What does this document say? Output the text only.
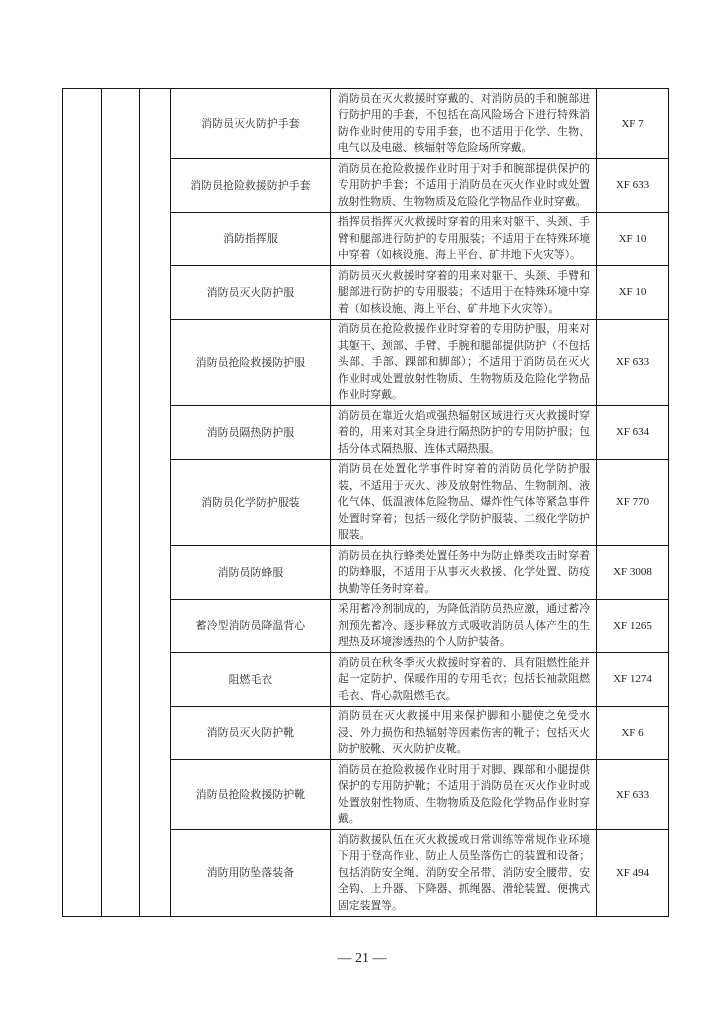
消防员灭火防护手套
消防员在灭火救援时穿戴的、对消防员的手和腕部进
行防护用的手套，不包括在高风险场合下进行特殊消
防作业时使用的专用手套，也不适用于化学、生物、
电气以及电磁、核辐射等危险场所穿戴。
XF 7
消防员抢险救援防护手套
消防员在抢险救援作业时用于对手和腕部提供保护的
专用防护手套；不适用于消防员在灭火作业时或处置
放射性物质、生物物质及危险化学物品作业时穿戴。
XF 633
消防指挥服
指挥员指挥灭火救援时穿着的用来对躯干、头颈、手
臂和腿部进行防护的专用服装；不适用于在特殊环境
中穿着（如核设施、海上平台、矿井地下火灾等）。
XF 10
消防员灭火防护服
消防员灭火救援时穿着的用来对躯干、头颈、手臂和
腿部进行防护的专用服装；不适用于在特殊环境中穿
着（如核设施、海上平台、矿井地下火灾等）。
XF 10
消防员抢险救援防护服
消防员在抢险救援作业时穿着的专用防护服，用来对
其躯干、颈部、手臂、手腕和腿部提供防护（不包括
头部、手部、踝部和脚部）；不适用于消防员在灭火
作业时或处置放射性物质、生物物质及危险化学物品
作业时穿戴。
XF 633
消防员隔热防护服
消防员在靠近火焰或强热辐射区域进行灭火救援时穿
着的，用来对其全身进行隔热防护的专用防护服；包
括分体式隔热服、连体式隔热服。
XF 634
消防员化学防护服装
消防员在处置化学事件时穿着的消防员化学防护服
装，不适用于灭火、涉及放射性物品、生物制剂、液
化气体、低温液体危险物品、爆炸性气体等紧急事件
处置时穿着；包括一级化学防护服装、二级化学防护
服装。
XF 770
消防员防蜂服
消防员在执行蜂类处置任务中为防止蜂类攻击时穿着
的防蜂服，不适用于从事灭火救援、化学处置、防疫
执勤等任务时穿着。
XF 3008
蓄冷型消防员降温背心
采用蓄冷剂制成的，为降低消防员热应激，通过蓄冷
剂预先蓄冷、逐步释放方式吸收消防员人体产生的生
理热及环境渗透热的个人防护装备。
XF 1265
阻燃毛衣
消防员在秋冬季灭火救援时穿着的、具有阻燃性能并
起一定防护、保暖作用的专用毛衣；包括长袖款阻燃
毛衣、背心款阻燃毛衣。
XF 1274
消防员灭火防护靴
消防员在灭火救援中用来保护脚和小腿使之免受水
浸、外力损伤和热辐射等因素伤害的靴子；包括灭火
防护胶靴、灭火防护皮靴。
XF 6
消防员抢险救援防护靴
消防员在抢险救援作业时用于对脚、踝部和小腿提供
保护的专用防护靴；不适用于消防员在灭火作业时或
处置放射性物质、生物物质及危险化学物品作业时穿
戴。
XF 633
消防用防坠落装备
消防救援队伍在灭火救援或日常训练等常规作业环境
下用于登高作业、防止人员坠落伤亡的装置和设备；
包括消防安全绳、消防安全吊带、消防安全腰带、安
全钩、上升器、下降器、抓绳器、滑轮装置、便携式
固定装置等。
XF 494
— 21 —
